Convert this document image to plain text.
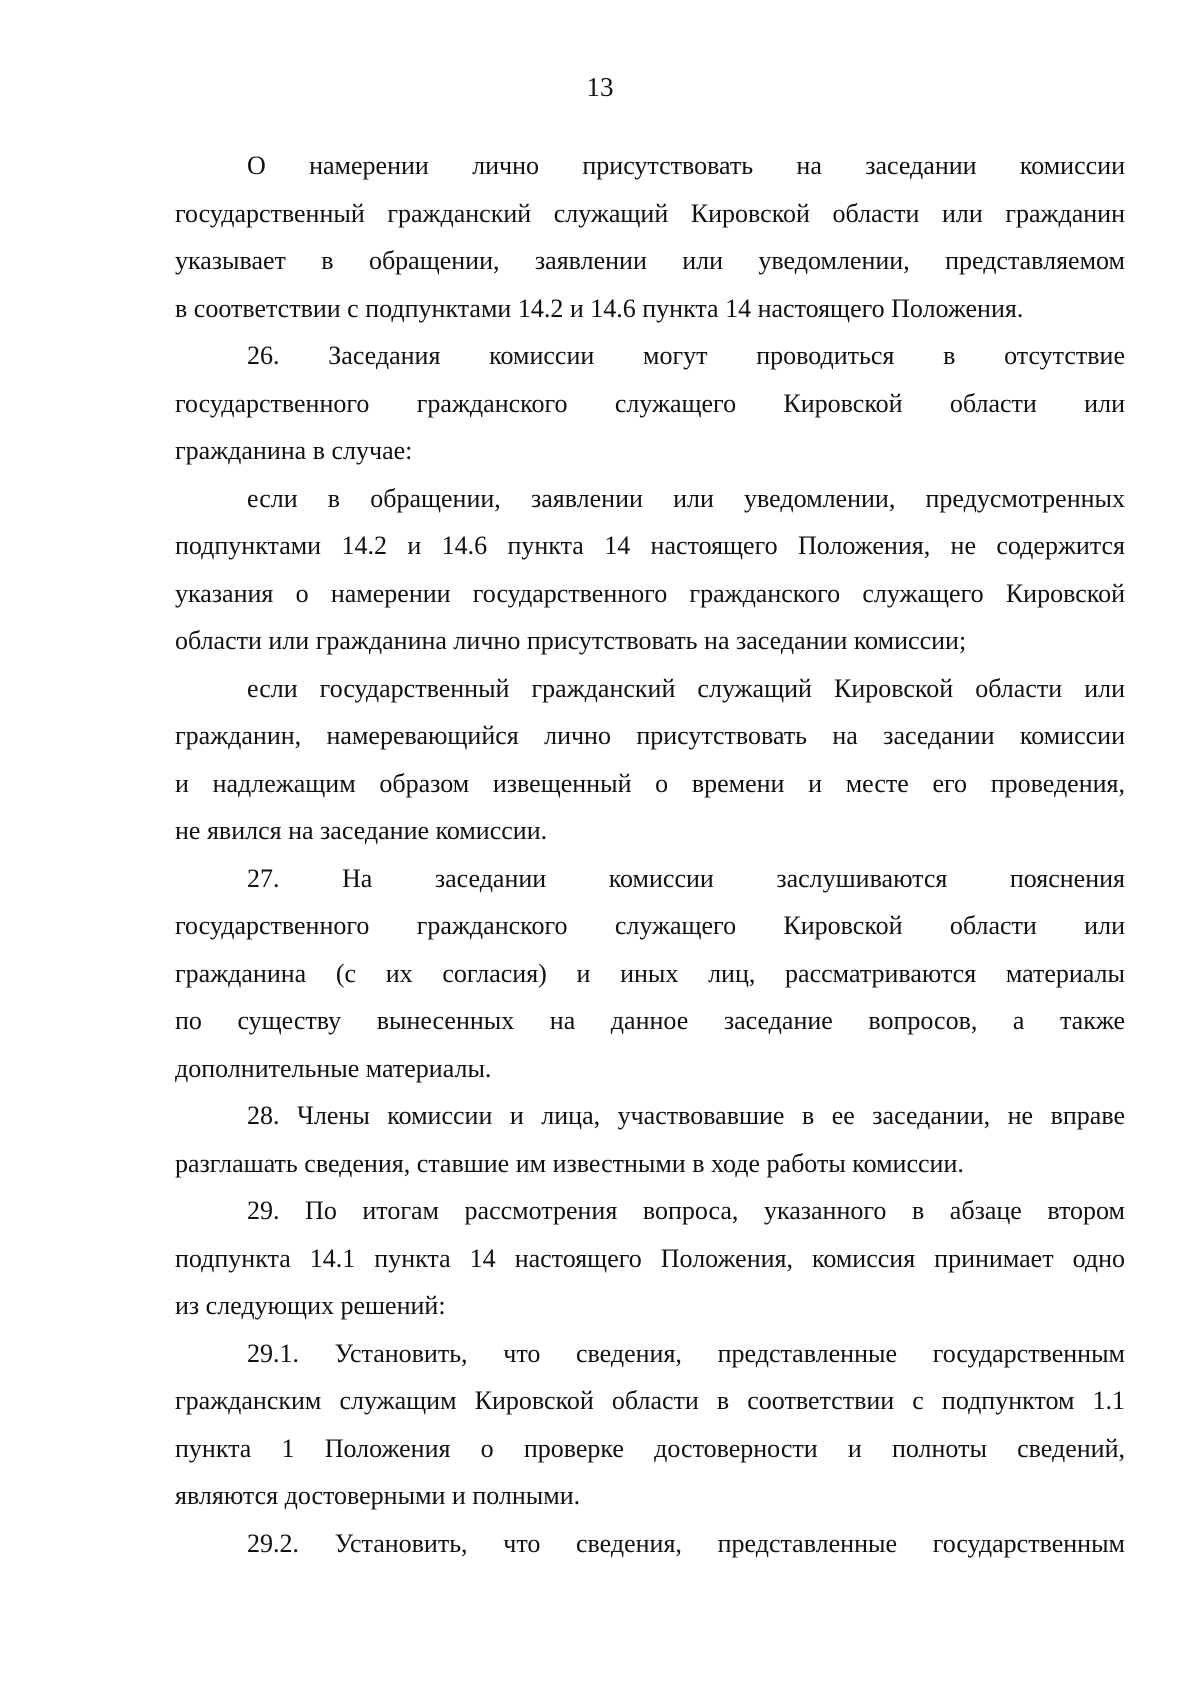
13
О намерении лично присутствовать на заседании комиссии
государственный гражданский служащий Кировской области или гражданин
указывает в обращении, заявлении или уведомлении, представляемом
в соответствии с подпунктами 14.2 и 14.6 пункта 14 настоящего Положения.
26. Заседания комиссии могут проводиться в отсутствие
государственного гражданского служащего Кировской области или
гражданина в случае:
если в обращении, заявлении или уведомлении, предусмотренных
подпунктами 14.2 и 14.6 пункта 14 настоящего Положения, не содержится
указания о намерении государственного гражданского служащего Кировской
области или гражданина лично присутствовать на заседании комиссии;
если государственный гражданский служащий Кировской области или
гражданин, намеревающийся лично присутствовать на заседании комиссии
и надлежащим образом извещенный о времени и месте его проведения,
не явился на заседание комиссии.
27. На заседании комиссии заслушиваются пояснения
государственного гражданского служащего Кировской области или
гражданина (с их согласия) и иных лиц, рассматриваются материалы
по существу вынесенных на данное заседание вопросов, а также
дополнительные материалы.
28. Члены комиссии и лица, участвовавшие в ее заседании, не вправе
разглашать сведения, ставшие им известными в ходе работы комиссии.
29. По итогам рассмотрения вопроса, указанного в абзаце втором
подпункта 14.1 пункта 14 настоящего Положения, комиссия принимает одно
из следующих решений:
29.1. Установить, что сведения, представленные государственным
гражданским служащим Кировской области в соответствии с подпунктом 1.1
пункта 1 Положения о проверке достоверности и полноты сведений,
являются достоверными и полными.
29.2. Установить, что сведения, представленные государственным
